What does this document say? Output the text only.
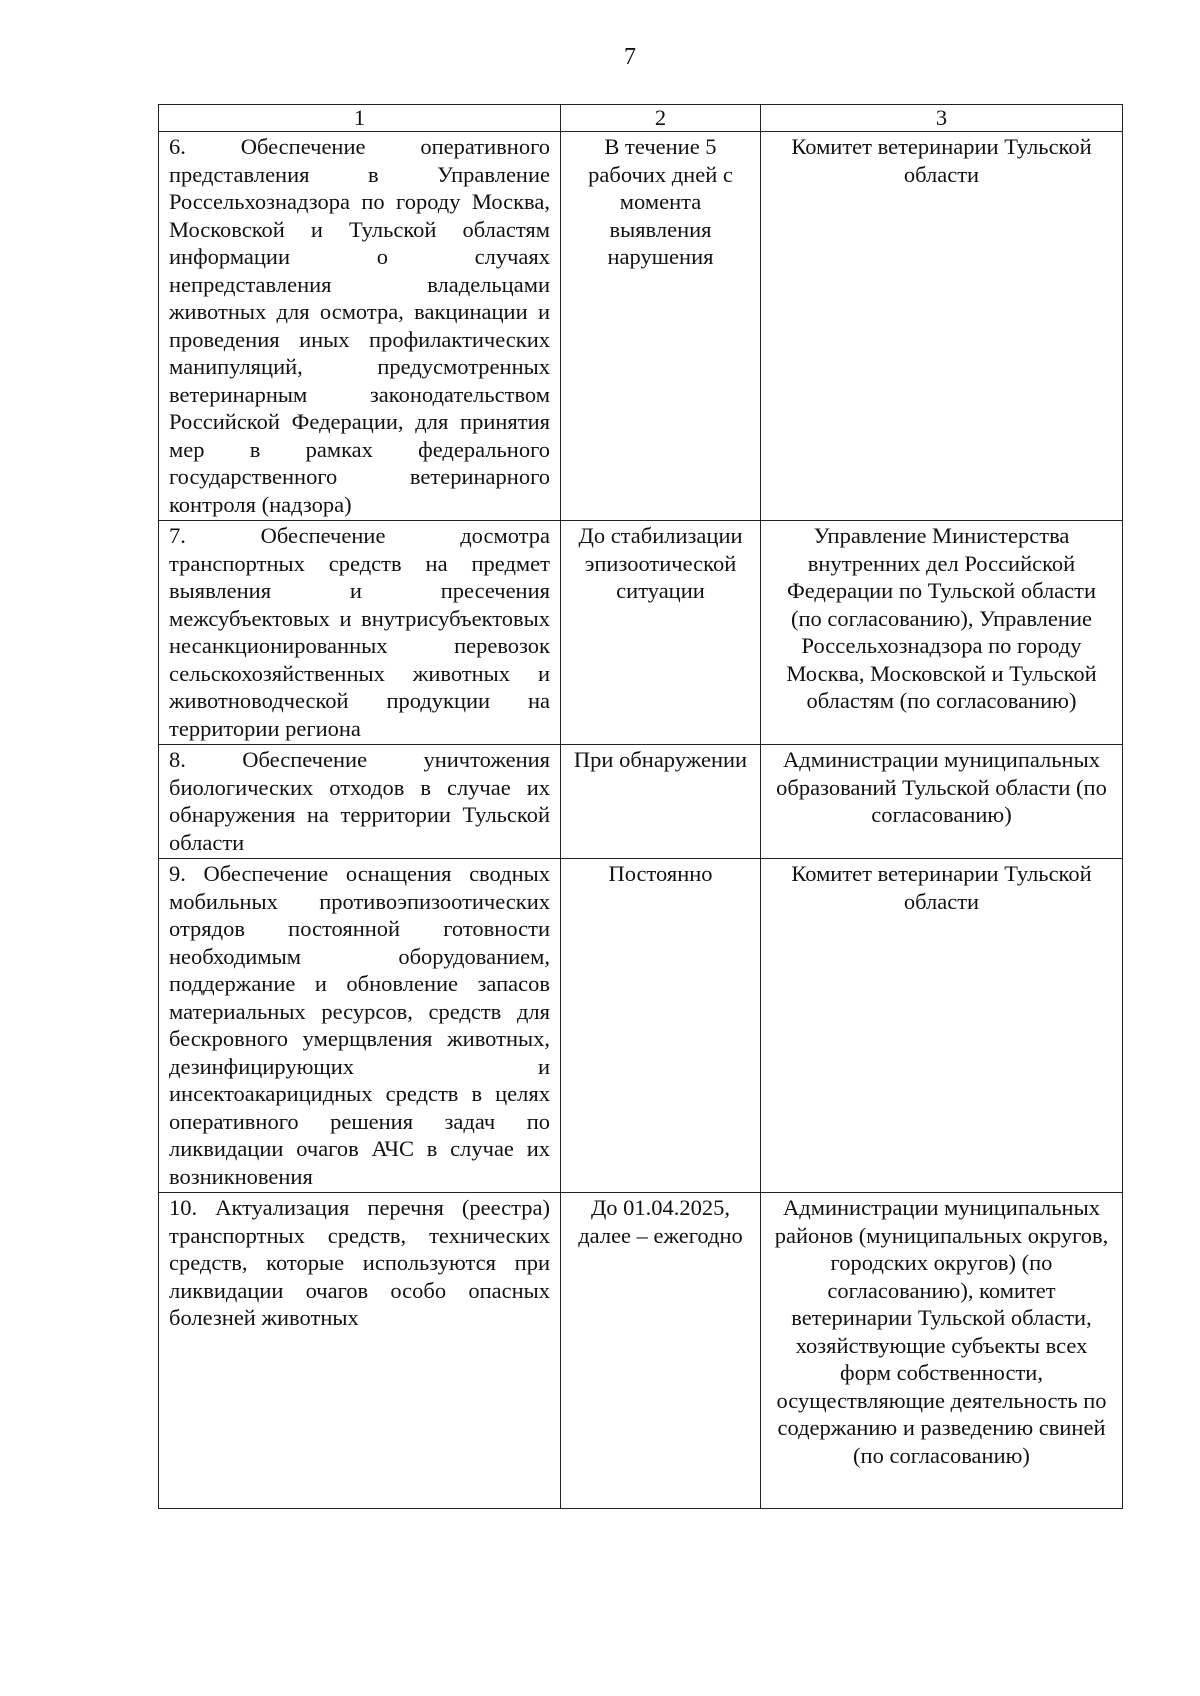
7
1	2	3
6. Обеспечение оперативного представления в Управление Россельхознадзора по городу Москва, Московской и Тульской областям информации о случаях непредставления владельцами животных для осмотра, вакцинации и проведения иных профилактических манипуляций, предусмотренных ветеринарным законодательством Российской Федерации, для принятия мер в рамках федерального государственного ветеринарного контроля (надзора)	В течение 5 рабочих дней с момента выявления нарушения	Комитет ветеринарии Тульской области
7. Обеспечение досмотра транспортных средств на предмет выявления и пресечения межсубъектовых и внутрисубъектовых несанкционированных перевозок сельскохозяйственных животных и животноводческой продукции на территории региона	До стабилизации эпизоотической ситуации	Управление Министерства внутренних дел Российской Федерации по Тульской области (по согласованию), Управление Россельхознадзора по городу Москва, Московской и Тульской областям (по согласованию)
8. Обеспечение уничтожения биологических отходов в случае их обнаружения на территории Тульской области	При обнаружении	Администрации муниципальных образований Тульской области (по согласованию)
9. Обеспечение оснащения сводных мобильных противоэпизоотических отрядов постоянной готовности необходимым оборудованием, поддержание и обновление запасов материальных ресурсов, средств для бескровного умерщвления животных, дезинфицирующих и инсектоакарицидных средств в целях оперативного решения задач по ликвидации очагов АЧС в случае их возникновения	Постоянно	Комитет ветеринарии Тульской области
10. Актуализация перечня (реестра) транспортных средств, технических средств, которые используются при ликвидации очагов особо опасных болезней животных	До 01.04.2025, далее – ежегодно	Администрации муниципальных районов (муниципальных округов, городских округов) (по согласованию), комитет ветеринарии Тульской области, хозяйствующие субъекты всех форм собственности, осуществляющие деятельность по содержанию и разведению свиней (по согласованию)
